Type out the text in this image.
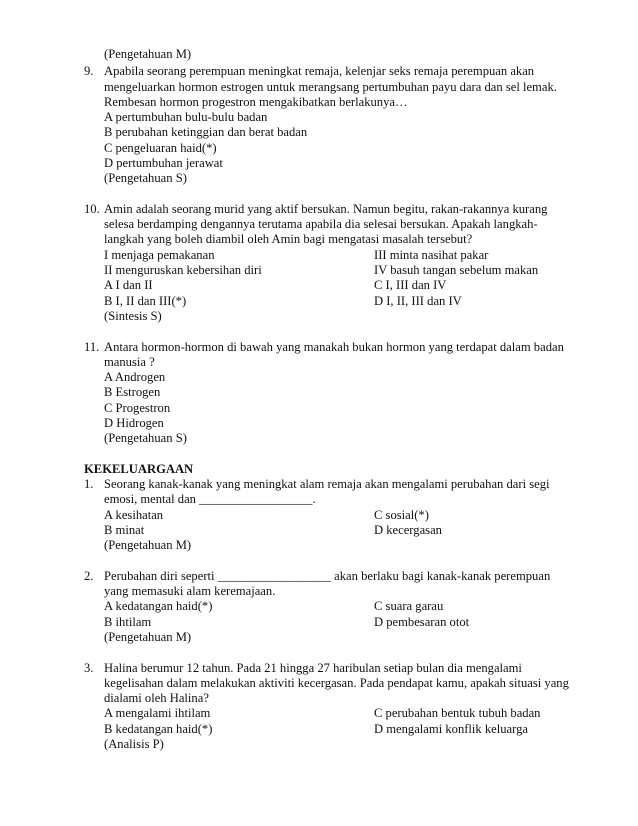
(Pengetahuan M)
9. Apabila seorang perempuan meningkat remaja, kelenjar seks remaja perempuan akan
mengeluarkan hormon estrogen untuk merangsang pertumbuhan payu dara dan sel lemak.
Rembesan hormon progestron mengakibatkan berlakunya…
A pertumbuhan bulu-bulu badan
B perubahan ketinggian dan berat badan
C pengeluaran haid(*)
D pertumbuhan jerawat
(Pengetahuan S)
10. Amin adalah seorang murid yang aktif bersukan. Namun begitu, rakan-rakannya kurang
selesa berdamping dengannya terutama apabila dia selesai bersukan. Apakah langkah-
langkah yang boleh diambil oleh Amin bagi mengatasi masalah tersebut?
I menjaga pemakanan	III minta nasihat pakar
II menguruskan kebersihan diri	IV basuh tangan sebelum makan
A I dan II	C I, III dan IV
B I, II dan III(*)	D I, II, III dan IV
(Sintesis S)
11. Antara hormon-hormon di bawah yang manakah bukan hormon yang terdapat dalam badan
manusia ?
A Androgen
B Estrogen
C Progestron
D Hidrogen
(Pengetahuan S)
KEKELUARGAAN
1. Seorang kanak-kanak yang meningkat alam remaja akan mengalami perubahan dari segi
emosi, mental dan __________________.
A kesihatan	C sosial(*)
B minat	D kecergasan
(Pengetahuan M)
2. Perubahan diri seperti __________________ akan berlaku bagi kanak-kanak perempuan
yang memasuki alam keremajaan.
A kedatangan haid(*)	C suara garau
B ihtilam	D pembesaran otot
(Pengetahuan M)
3. Halina berumur 12 tahun. Pada 21 hingga 27 haribulan setiap bulan dia mengalami
kegelisahan dalam melakukan aktiviti kecergasan. Pada pendapat kamu, apakah situasi yang
dialami oleh Halina?
A mengalami ihtilam	C perubahan bentuk tubuh badan
B kedatangan haid(*)	D mengalami konflik keluarga
(Analisis P)
